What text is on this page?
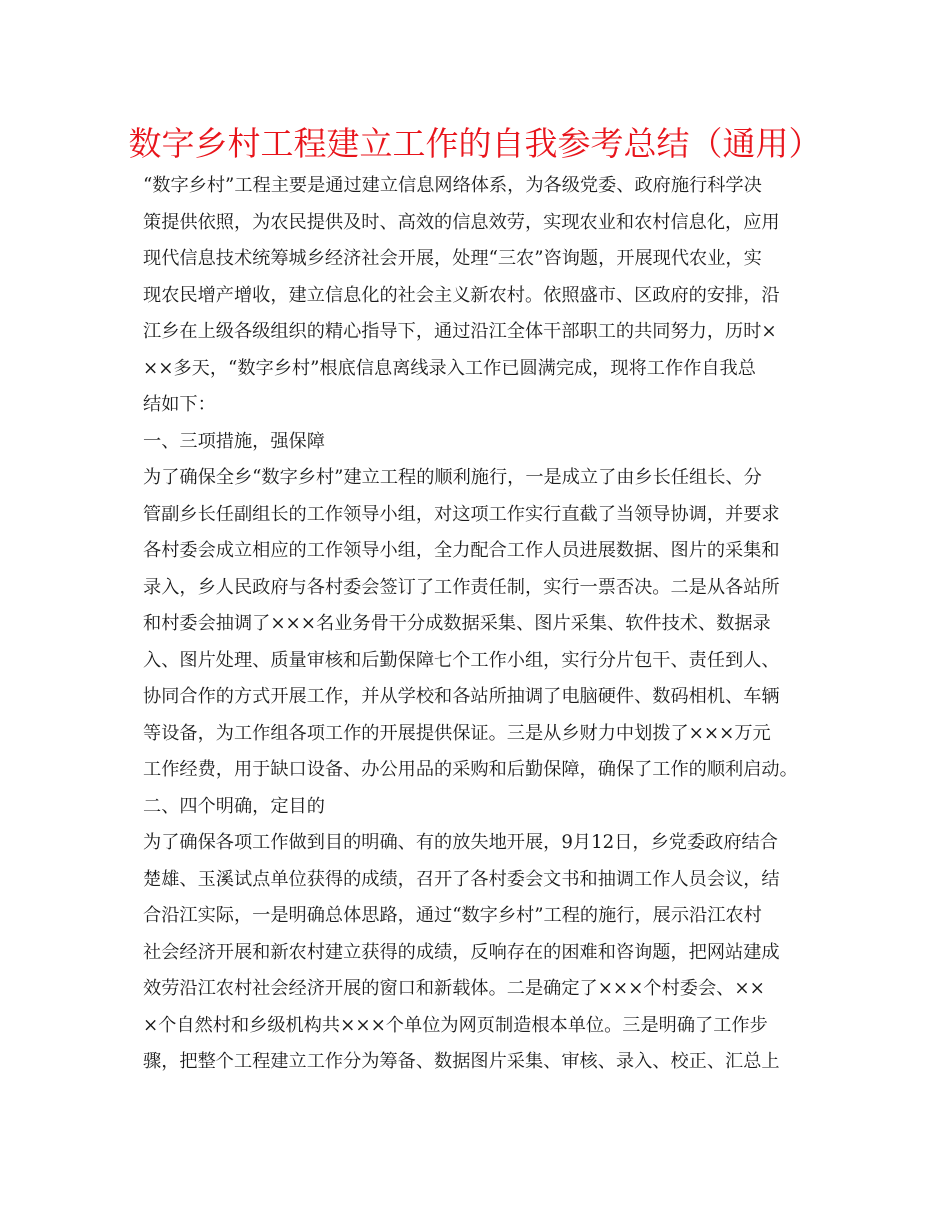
数字乡村工程建立工作的自我参考总结（通用）
“数字乡村”工程主要是通过建立信息网络体系，为各级党委、政府施行科学决
策提供依照，为农民提供及时、高效的信息效劳，实现农业和农村信息化，应用
现代信息技术统筹城乡经济社会开展，处理“三农”咨询题，开展现代农业，实
现农民增产增收，建立信息化的社会主义新农村。依照盛市、区政府的安排，沿
江乡在上级各级组织的精心指导下，通过沿江全体干部职工的共同努力，历时×
××多天，“数字乡村”根底信息离线录入工作已圆满完成，现将工作作自我总
结如下：
一、三项措施，强保障
为了确保全乡“数字乡村”建立工程的顺利施行，一是成立了由乡长任组长、分
管副乡长任副组长的工作领导小组，对这项工作实行直截了当领导协调，并要求
各村委会成立相应的工作领导小组，全力配合工作人员进展数据、图片的采集和
录入，乡人民政府与各村委会签订了工作责任制，实行一票否决。二是从各站所
和村委会抽调了×××名业务骨干分成数据采集、图片采集、软件技术、数据录
入、图片处理、质量审核和后勤保障七个工作小组，实行分片包干、责任到人、
协同合作的方式开展工作，并从学校和各站所抽调了电脑硬件、数码相机、车辆
等设备，为工作组各项工作的开展提供保证。三是从乡财力中划拨了×××万元
工作经费，用于缺口设备、办公用品的采购和后勤保障，确保了工作的顺利启动。
二、四个明确，定目的
为了确保各项工作做到目的明确、有的放失地开展，9月12日，乡党委政府结合
楚雄、玉溪试点单位获得的成绩，召开了各村委会文书和抽调工作人员会议，结
合沿江实际，一是明确总体思路，通过“数字乡村”工程的施行，展示沿江农村
社会经济开展和新农村建立获得的成绩，反响存在的困难和咨询题，把网站建成
效劳沿江农村社会经济开展的窗口和新载体。二是确定了×××个村委会、××
×个自然村和乡级机构共×××个单位为网页制造根本单位。三是明确了工作步
骤，把整个工程建立工作分为筹备、数据图片采集、审核、录入、校正、汇总上
